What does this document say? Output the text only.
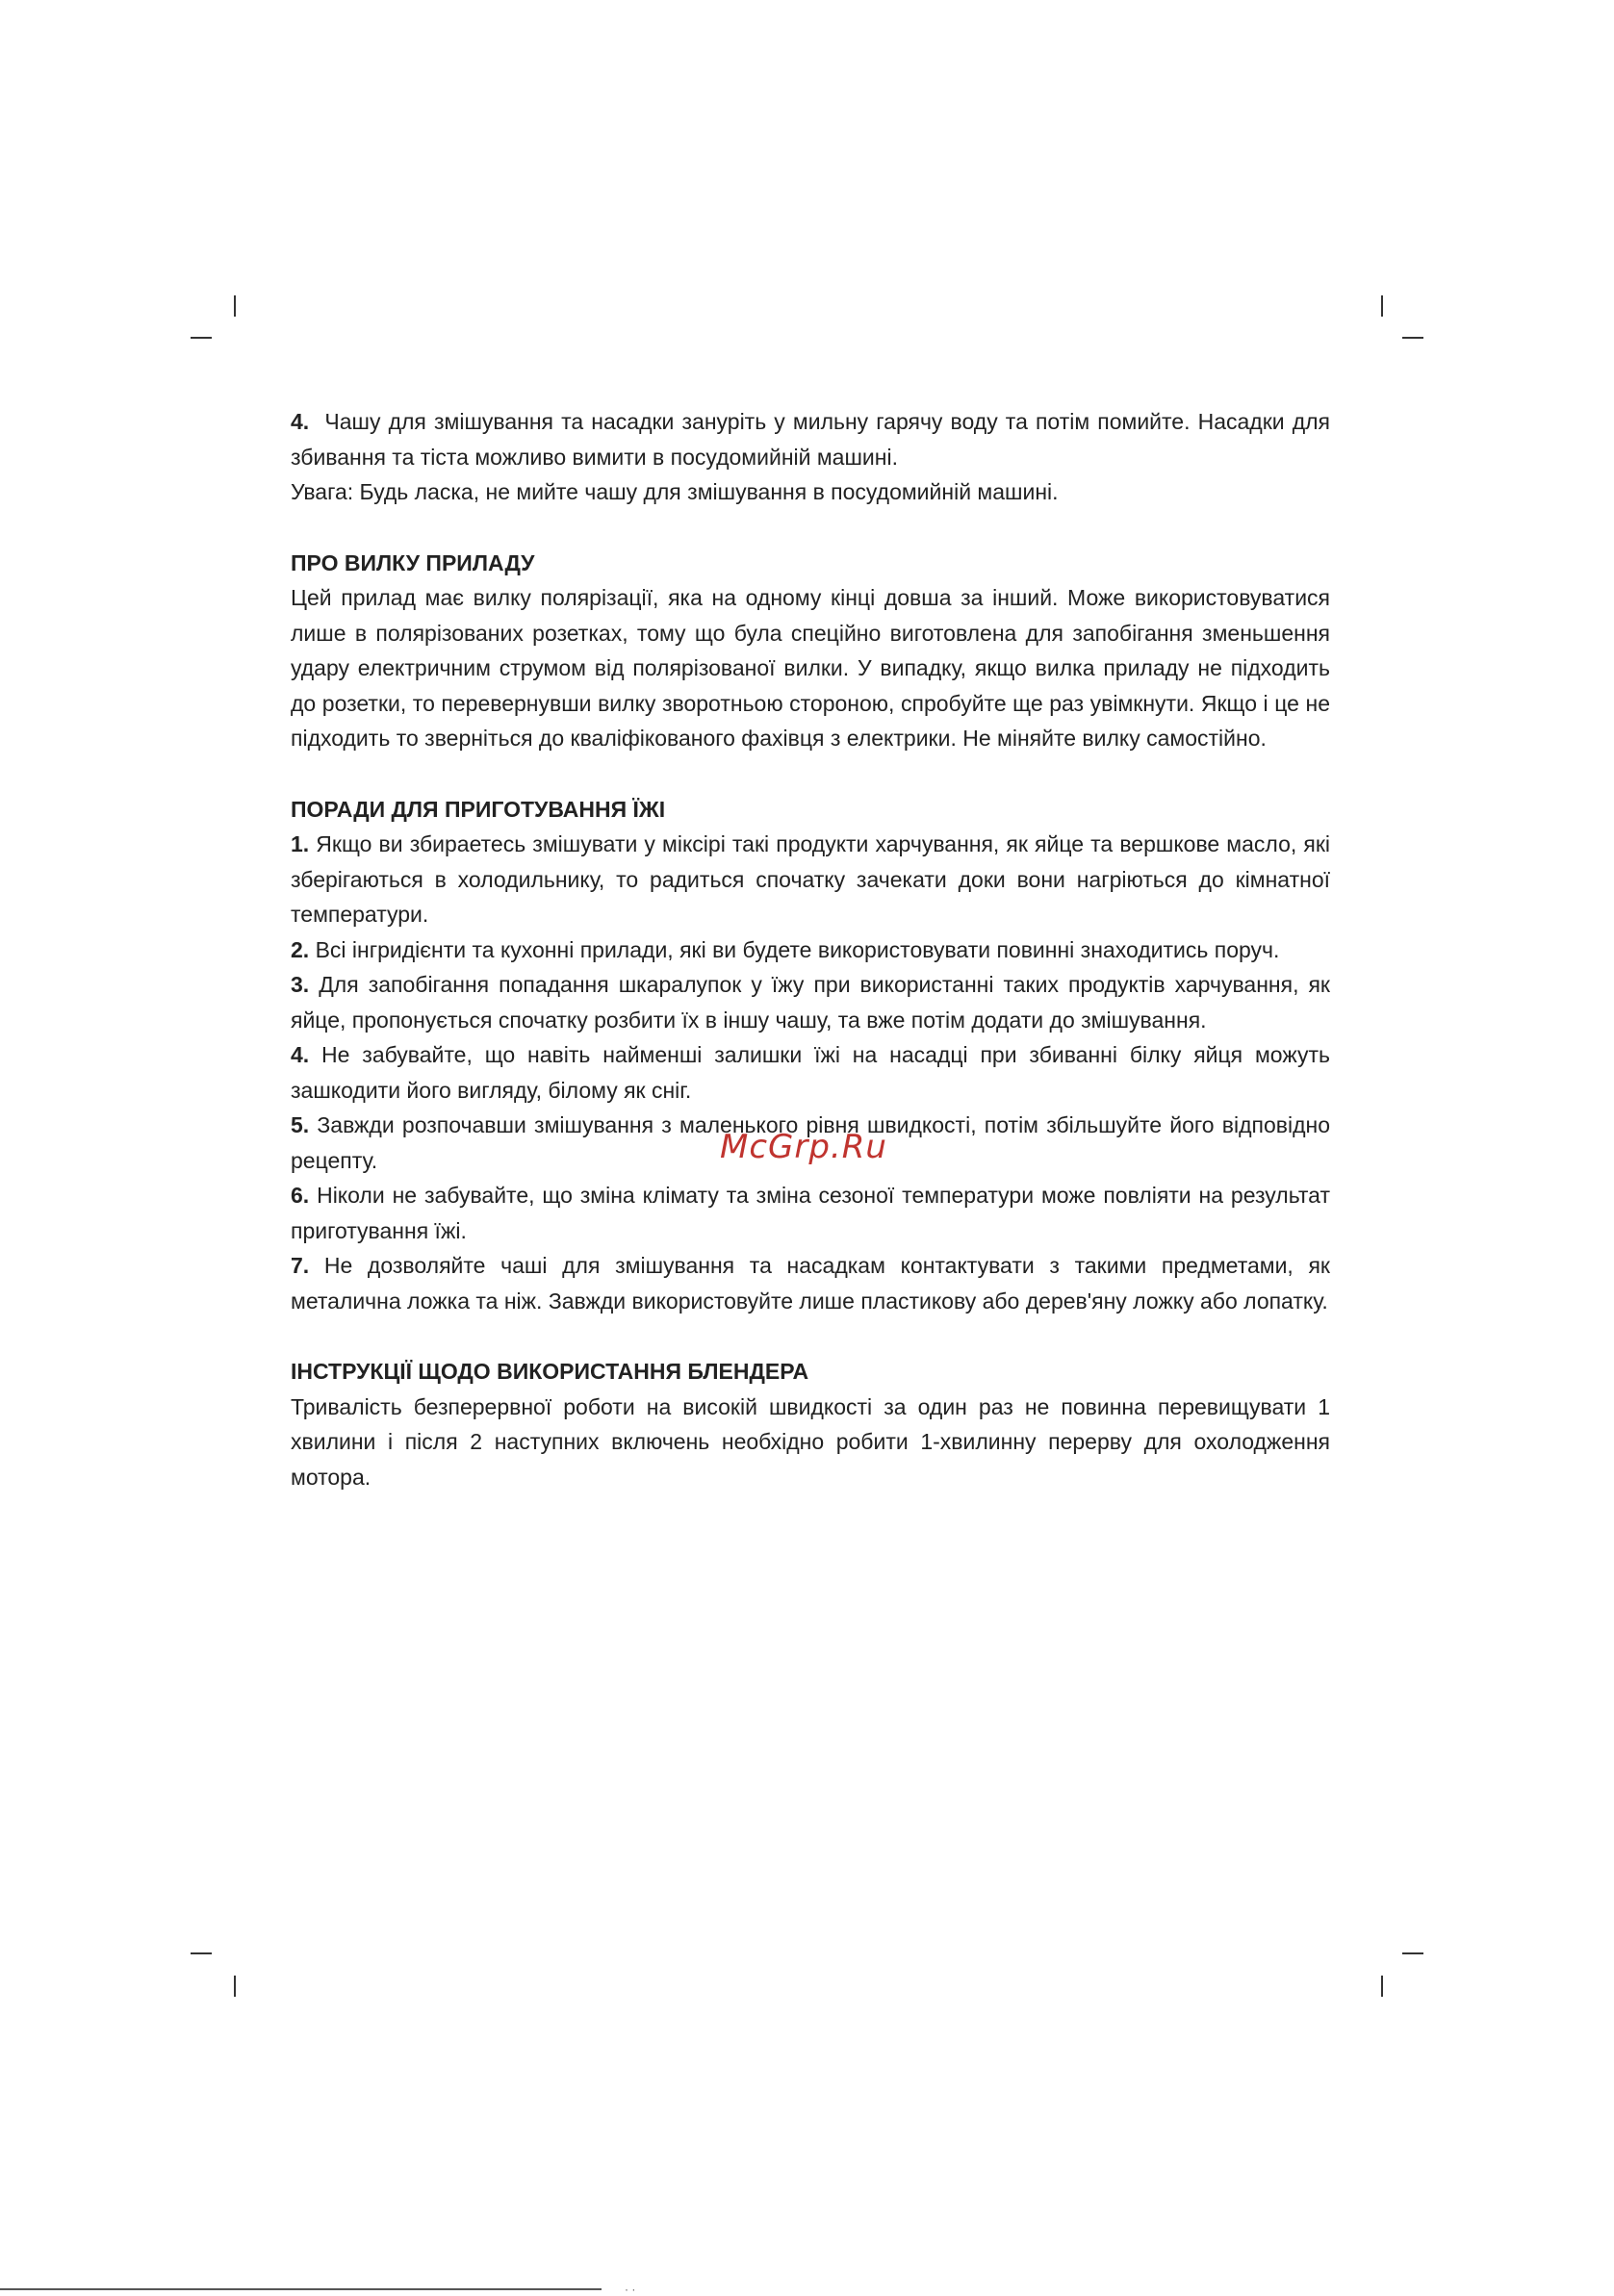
4. Чашу для змішування та насадки зануріть у мильну гарячу воду та потім помийте. Насадки для збивання та тіста можливо вимити в посудомийній машині.

Увага: Будь ласка, не мийте чашу для змішування в посудомийній машині.

ПРО ВИЛКУ ПРИЛАДУ

Цей прилад має вилку полярізації, яка на одному кінці довша за інший. Може використовуватися лише в полярізованих розетках, тому що була спеційно виготовлена для запобігання зменьшення удару електричним струмом від полярізованої вилки. У випадку, якщо вилка приладу не підходить до розетки, то перевернувши вилку зворотньою стороною, спробуйте ще раз увімкнути. Якщо і це не підходить то зверніться до кваліфікованого фахівця з електрики. Не міняйте вилку самостійно.

ПОРАДИ ДЛЯ ПРИГОТУВАННЯ ЇЖІ

1. Якщо ви збираетесь змішувати у міксірі такі продукти харчування, як яйце та вершкове масло, які зберігаються в холодильнику, то радиться спочатку зачекати доки вони нагріються до кімнатної температури.

2. Всі інгридієнти та кухонні прилади, які ви будете використовувати повинні знаходитись поруч.

3. Для запобігання попадання шкаралупок у їжу при використанні таких продуктів харчування, як яйце, пропонується спочатку розбити їх в іншу чашу, та вже потім додати до змішування.

4. Не забувайте, що навіть найменші залишки їжі на насадці при збиванні білку яйця можуть зашкодити його вигляду, білому як сніг.

5. Завжди розпочавши змішування з маленького рівня швидкості, потім збільшуйте його відповідно рецепту.

6. Ніколи не забувайте, що зміна клімату та зміна сезоної температури може повліяти на результат приготування їжі.

7. Не дозволяйте чаші для змішування та насадкам контактувати з такими предметами, як металична ложка та ніж. Завжди використовуйте лише пластикову або дерев'яну ложку або лопатку.

ІНСТРУКЦІЇ ЩОДО ВИКОРИСТАННЯ БЛЕНДЕРА

Тривалість безперервної роботи на високій швидкості за один раз не повинна перевищувати 1 хвилини і після 2 наступних включень необхідно робити 1-хвилинну перерву для охолодження мотора.

McGrp.Ru
· ·
